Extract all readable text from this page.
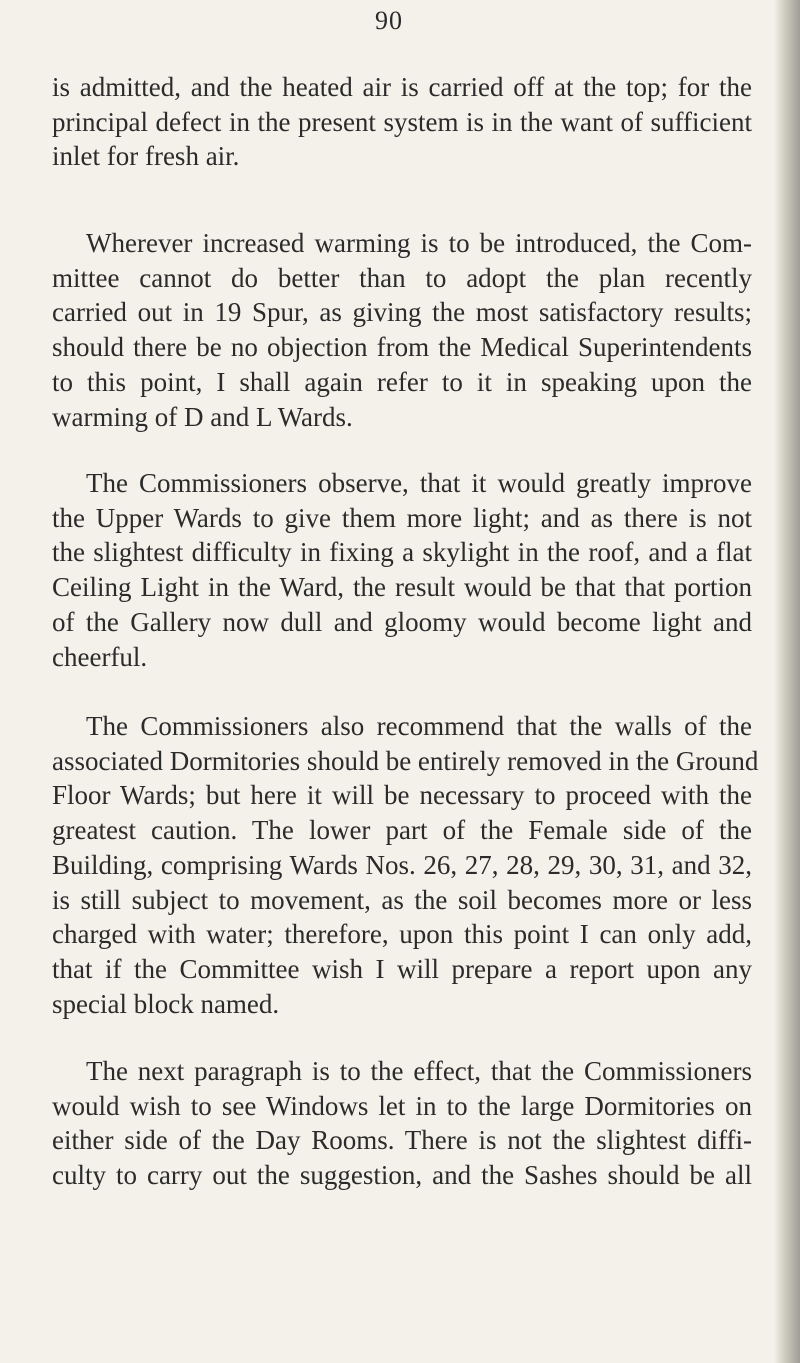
90
is admitted, and the heated air is carried off at the top; for the
principal defect in the present system is in the want of sufficient
inlet for fresh air.
Wherever increased warming is to be introduced, the Com-
mittee cannot do better than to adopt the plan recently
carried out in 19 Spur, as giving the most satisfactory results;
should there be no objection from the Medical Superintendents
to this point, I shall again refer to it in speaking upon the
warming of D and L Wards.
The Commissioners observe, that it would greatly improve
the Upper Wards to give them more light; and as there is not
the slightest difficulty in fixing a skylight in the roof, and a flat
Ceiling Light in the Ward, the result would be that that portion
of the Gallery now dull and gloomy would become light and
cheerful.
The Commissioners also recommend that the walls of the
associated Dormitories should be entirely removed in the Ground
Floor Wards; but here it will be necessary to proceed with the
greatest caution. The lower part of the Female side of the
Building, comprising Wards Nos. 26, 27, 28, 29, 30, 31, and 32,
is still subject to movement, as the soil becomes more or less
charged with water; therefore, upon this point I can only add,
that if the Committee wish I will prepare a report upon any
special block named.
The next paragraph is to the effect, that the Commissioners
would wish to see Windows let in to the large Dormitories on
either side of the Day Rooms. There is not the slightest diffi-
culty to carry out the suggestion, and the Sashes should be all
